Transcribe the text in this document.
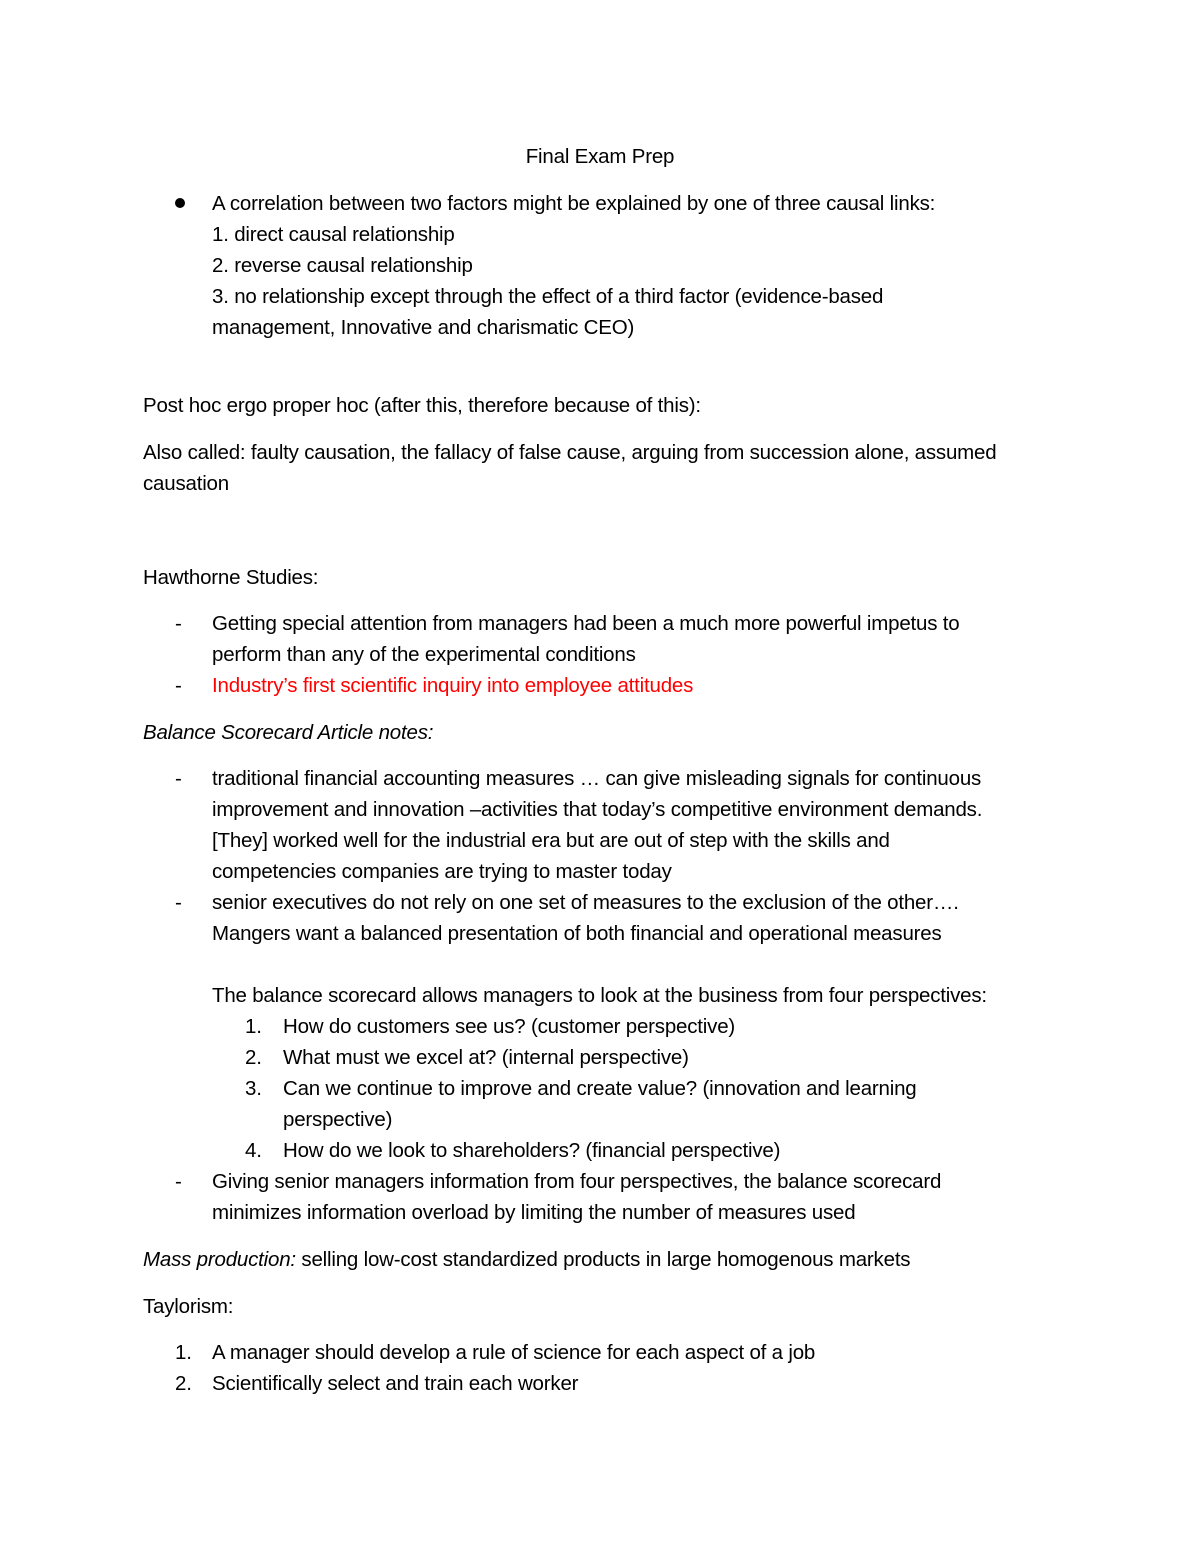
Final Exam Prep
A correlation between two factors might be explained by one of three causal links:
1. direct causal relationship
2. reverse causal relationship
3. no relationship except through the effect of a third factor (evidence-based
management, Innovative and charismatic CEO)
Post hoc ergo proper hoc (after this, therefore because of this):
Also called: faulty causation, the fallacy of false cause, arguing from succession alone, assumed
causation
Hawthorne Studies:
- Getting special attention from managers had been a much more powerful impetus to
perform than any of the experimental conditions
- Industry’s first scientific inquiry into employee attitudes
Balance Scorecard Article notes:
- traditional financial accounting measures … can give misleading signals for continuous
improvement and innovation –activities that today’s competitive environment demands.
[They] worked well for the industrial era but are out of step with the skills and
competencies companies are trying to master today
- senior executives do not rely on one set of measures to the exclusion of the other….
Mangers want a balanced presentation of both financial and operational measures
The balance scorecard allows managers to look at the business from four perspectives:
1. How do customers see us? (customer perspective)
2. What must we excel at? (internal perspective)
3. Can we continue to improve and create value? (innovation and learning
perspective)
4. How do we look to shareholders? (financial perspective)
- Giving senior managers information from four perspectives, the balance scorecard
minimizes information overload by limiting the number of measures used
Mass production: selling low-cost standardized products in large homogenous markets
Taylorism:
1. A manager should develop a rule of science for each aspect of a job
2. Scientifically select and train each worker
